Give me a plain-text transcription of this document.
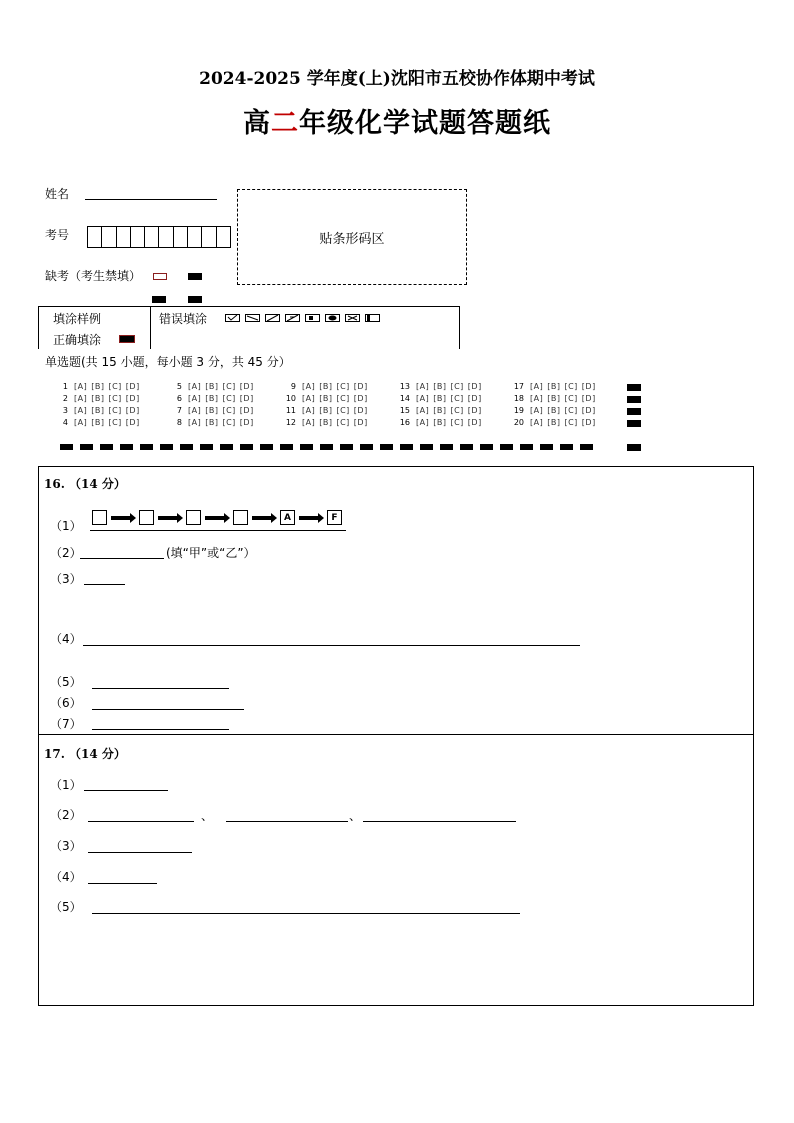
2024-2025 学年度(上)沈阳市五校协作体期中考试
高二年级化学试题答题纸
姓名
考号
缺考（考生禁填）
贴条形码区
填涂样例
正确填涂
错误填涂
单选题(共 15 小题，每小题 3 分，共 45 分）
1 [A] [B] [C] [D]
2 [A] [B] [C] [D]
3 [A] [B] [C] [D]
4 [A] [B] [C] [D]
5 [A] [B] [C] [D]
6 [A] [B] [C] [D]
7 [A] [B] [C] [D]
8 [A] [B] [C] [D]
9 [A] [B] [C] [D]
10 [A] [B] [C] [D]
11 [A] [B] [C] [D]
12 [A] [B] [C] [D]
13 [A] [B] [C] [D]
14 [A] [B] [C] [D]
15 [A] [B] [C] [D]
16 [A] [B] [C] [D]
17 [A] [B] [C] [D]
18 [A] [B] [C] [D]
19 [A] [B] [C] [D]
20 [A] [B] [C] [D]
16. （14 分）
（1）
A	F
（2）	(填“甲”或“乙”）
（3）
（4）
（5）
（6）
（7）
17. （14 分）
（1）
（2）	、	、
（3）
（4）
（5）
